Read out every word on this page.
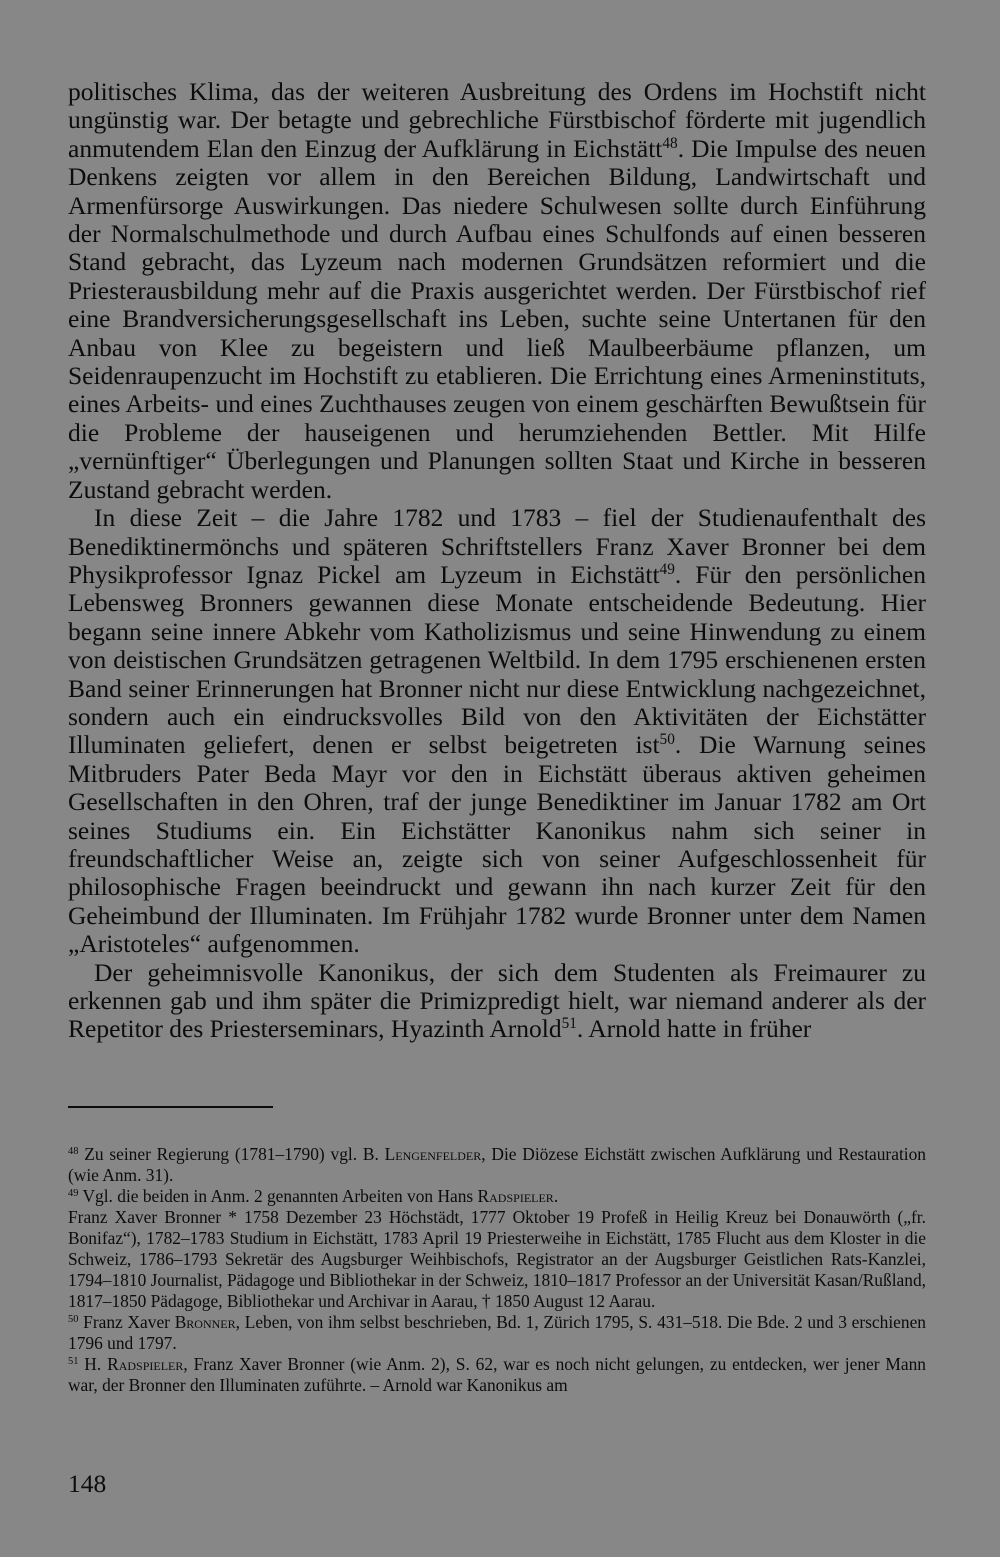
politisches Klima, das der weiteren Ausbreitung des Ordens im Hochstift nicht ungünstig war. Der betagte und gebrechliche Fürstbischof förderte mit jugendlich anmutendem Elan den Einzug der Aufklärung in Eichstätt$^{48}$. Die Impulse des neuen Denkens zeigten vor allem in den Bereichen Bildung, Landwirtschaft und Armenfürsorge Auswirkungen. Das niedere Schulwesen sollte durch Einführung der Normalschulmethode und durch Aufbau eines Schulfonds auf einen besseren Stand gebracht, das Lyzeum nach modernen Grundsätzen reformiert und die Priesterausbildung mehr auf die Praxis ausgerichtet werden. Der Fürstbischof rief eine Brandversicherungsgesellschaft ins Leben, suchte seine Untertanen für den Anbau von Klee zu begeistern und ließ Maulbeerbäume pflanzen, um Seidenraupenzucht im Hochstift zu etablieren. Die Errichtung eines Armeninstituts, eines Arbeits- und eines Zuchthauses zeugen von einem geschärften Bewußtsein für die Probleme der hauseigenen und herumziehenden Bettler. Mit Hilfe „vernünftiger“ Überlegungen und Planungen sollten Staat und Kirche in besseren Zustand gebracht werden.

In diese Zeit – die Jahre 1782 und 1783 – fiel der Studienaufenthalt des Benediktinermönchs und späteren Schriftstellers Franz Xaver Bronner bei dem Physikprofessor Ignaz Pickel am Lyzeum in Eichstätt$^{49}$. Für den persönlichen Lebensweg Bronners gewannen diese Monate entscheidende Bedeutung. Hier begann seine innere Abkehr vom Katholizismus und seine Hinwendung zu einem von deistischen Grundsätzen getragenen Weltbild. In dem 1795 erschienenen ersten Band seiner Erinnerungen hat Bronner nicht nur diese Entwicklung nachgezeichnet, sondern auch ein eindrucksvolles Bild von den Aktivitäten der Eichstätter Illuminaten geliefert, denen er selbst beigetreten ist$^{50}$. Die Warnung seines Mitbruders Pater Beda Mayr vor den in Eichstätt überaus aktiven geheimen Gesellschaften in den Ohren, traf der junge Benediktiner im Januar 1782 am Ort seines Studiums ein. Ein Eichstätter Kanonikus nahm sich seiner in freundschaftlicher Weise an, zeigte sich von seiner Aufgeschlossenheit für philosophische Fragen beeindruckt und gewann ihn nach kurzer Zeit für den Geheimbund der Illuminaten. Im Frühjahr 1782 wurde Bronner unter dem Namen „Aristoteles“ aufgenommen.

Der geheimnisvolle Kanonikus, der sich dem Studenten als Freimaurer zu erkennen gab und ihm später die Primizpredigt hielt, war niemand anderer als der Repetitor des Priesterseminars, Hyazinth Arnold$^{51}$. Arnold hatte in früher

$^{48}$ Zu seiner Regierung (1781–1790) vgl. B. Lengenfelder, Die Diözese Eichstätt zwischen Aufklärung und Restauration (wie Anm. 31).

$^{49}$ Vgl. die beiden in Anm. 2 genannten Arbeiten von Hans Radspieler.

Franz Xaver Bronner * 1758 Dezember 23 Höchstädt, 1777 Oktober 19 Profeß in Heilig Kreuz bei Donauwörth („fr. Bonifaz“), 1782–1783 Studium in Eichstätt, 1783 April 19 Priesterweihe in Eichstätt, 1785 Flucht aus dem Kloster in die Schweiz, 1786–1793 Sekretär des Augsburger Weihbischofs, Registrator an der Augsburger Geistlichen Rats-Kanzlei, 1794–1810 Journalist, Pädagoge und Bibliothekar in der Schweiz, 1810–1817 Professor an der Universität Kasan/Rußland, 1817–1850 Pädagoge, Bibliothekar und Archivar in Aarau, † 1850 August 12 Aarau.

$^{50}$ Franz Xaver Bronner, Leben, von ihm selbst beschrieben, Bd. 1, Zürich 1795, S. 431–518. Die Bde. 2 und 3 erschienen 1796 und 1797.

$^{51}$ H. Radspieler, Franz Xaver Bronner (wie Anm. 2), S. 62, war es noch nicht gelungen, zu entdecken, wer jener Mann war, der Bronner den Illuminaten zuführte. – Arnold war Kanonikus am

148
